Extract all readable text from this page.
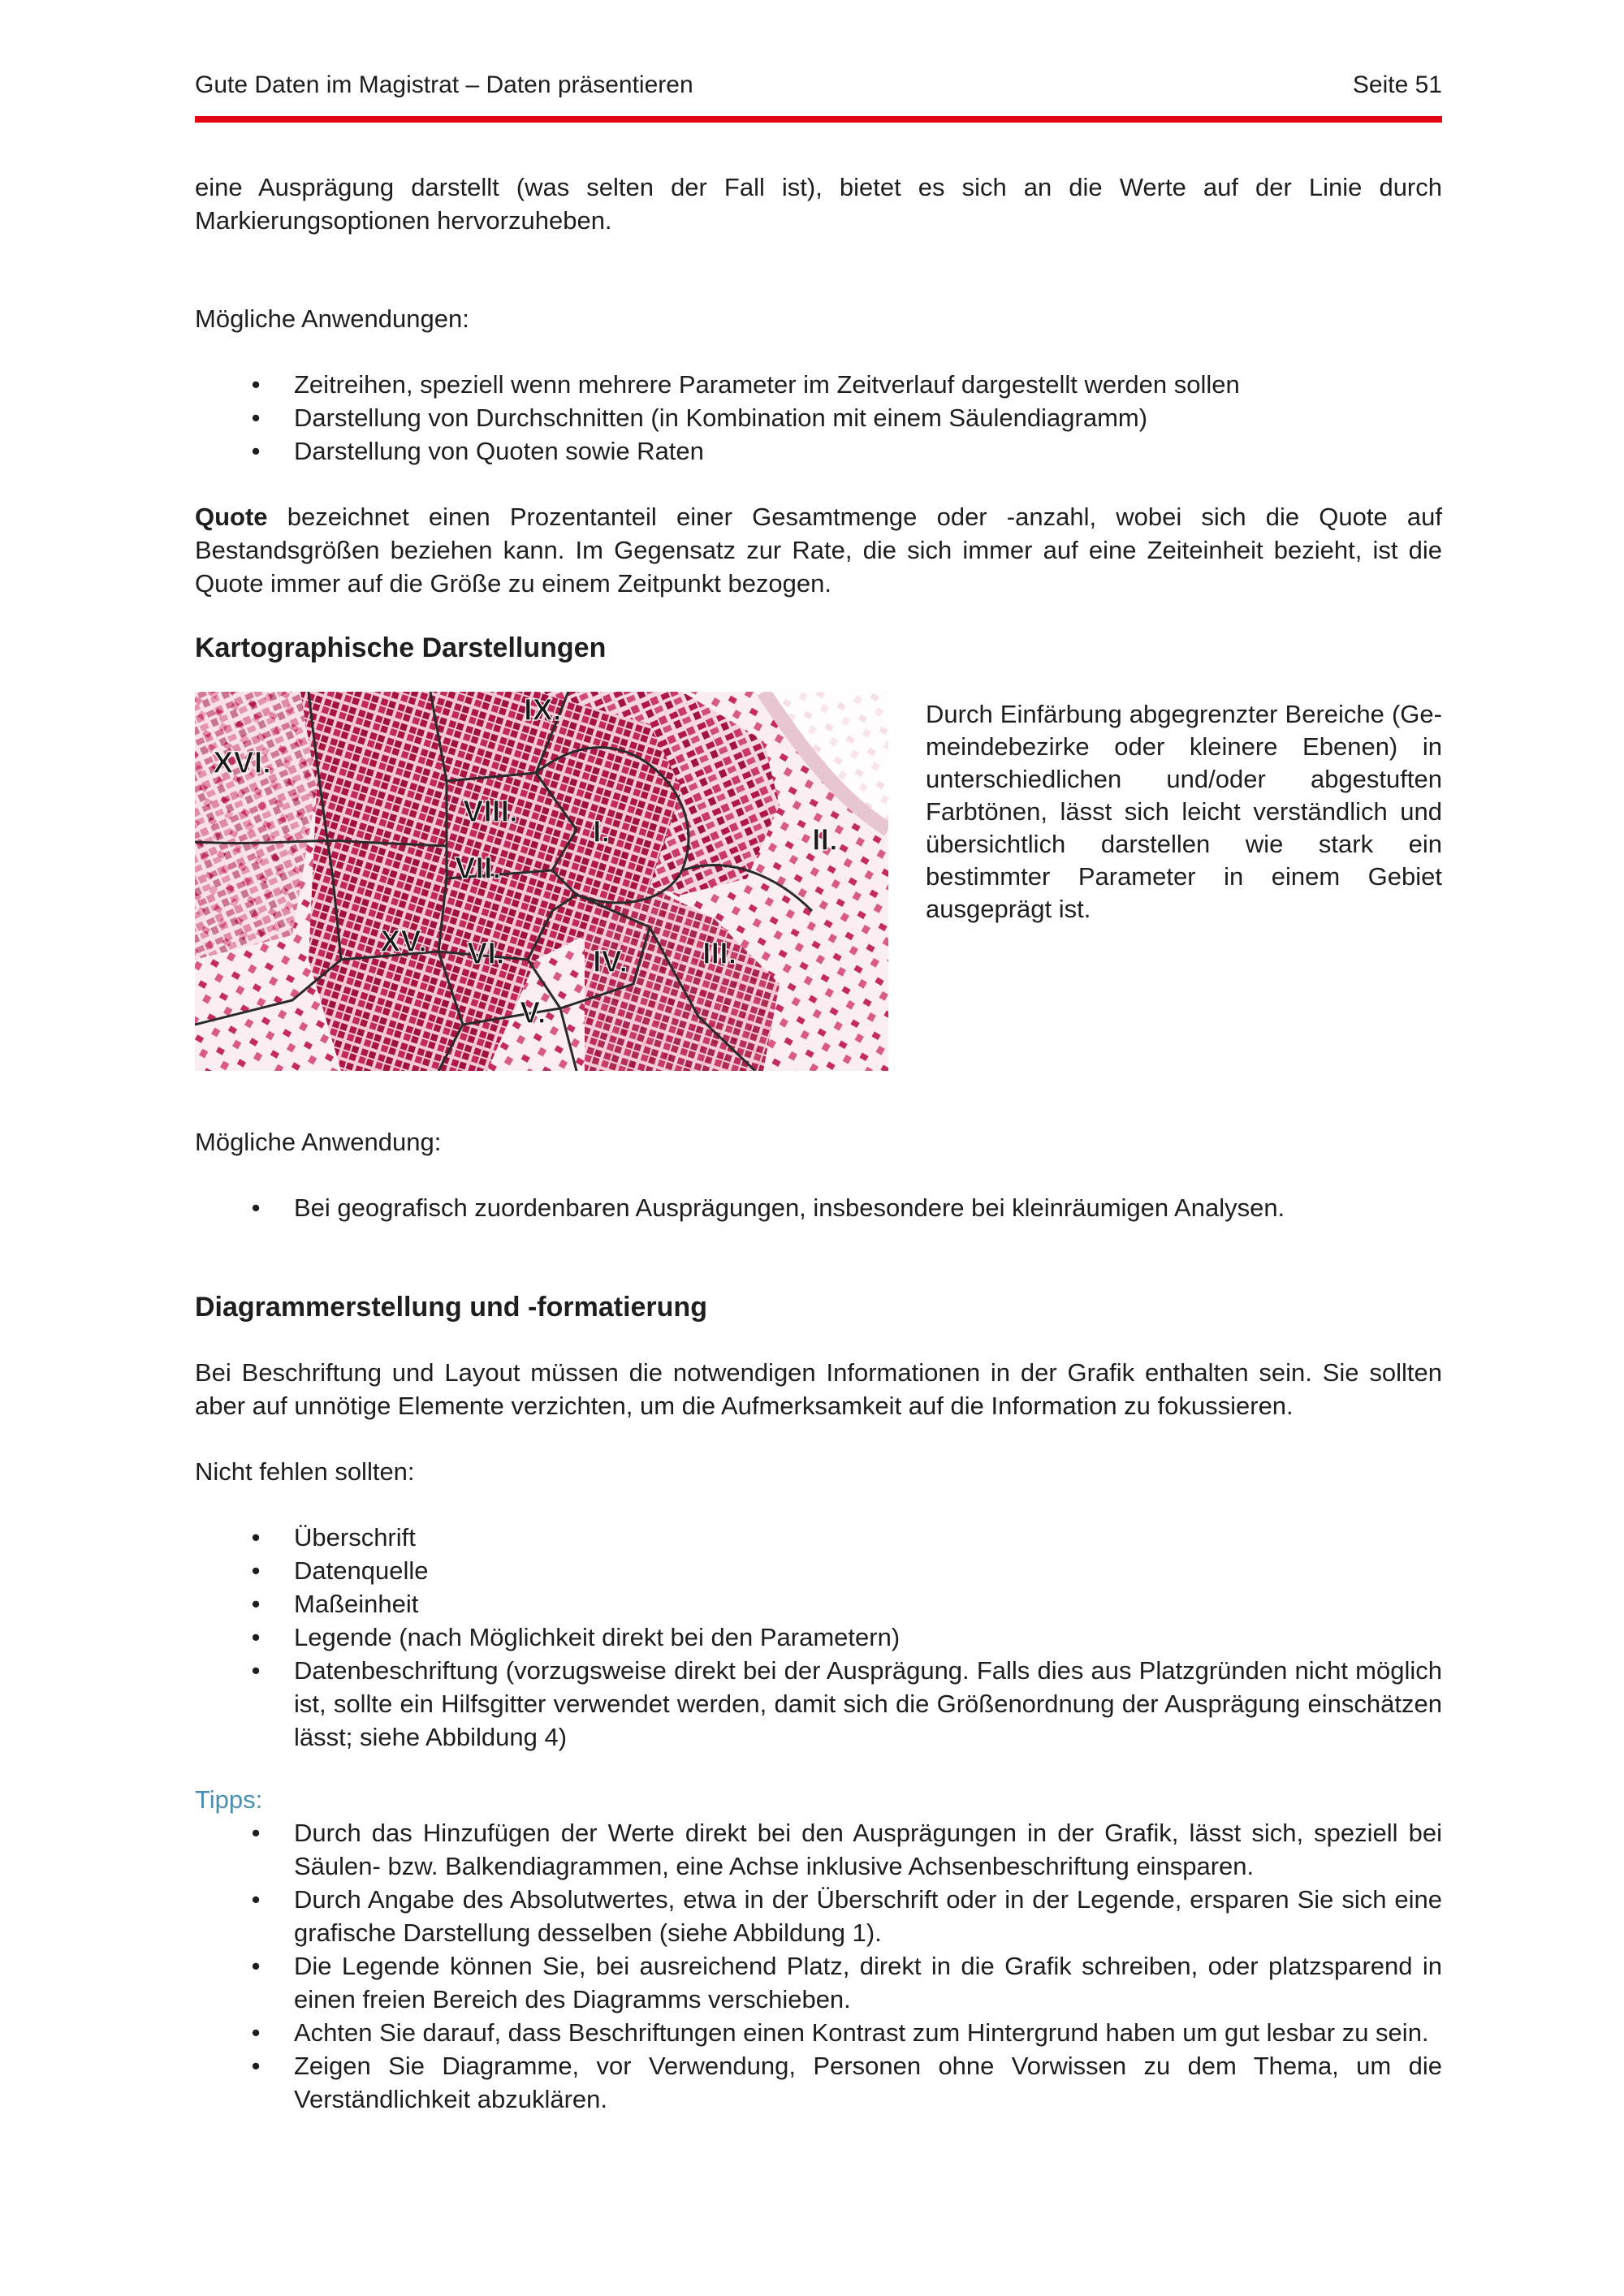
Gute Daten im Magistrat – Daten präsentieren	Seite 51

eine Ausprägung darstellt (was selten der Fall ist), bietet es sich an die Werte auf der Linie durch Markierungsoptionen hervorzuheben.

Mögliche Anwendungen:

•	Zeitreihen, speziell wenn mehrere Parameter im Zeitverlauf dargestellt werden sollen
•	Darstellung von Durchschnitten (in Kombination mit einem Säulendiagramm)
•	Darstellung von Quoten sowie Raten

Quote bezeichnet einen Prozentanteil einer Gesamtmenge oder -anzahl, wobei sich die Quote auf Bestandsgrößen beziehen kann. Im Gegensatz zur Rate, die sich immer auf eine Zeiteinheit bezieht, ist die Quote immer auf die Größe zu einem Zeitpunkt bezogen.

Kartographische Darstellungen

XVI.
IX.
VIII.
I.	II.
VII.
XV. VI.	IV. III.
V.
Durch Einfärbung abgegrenzter Bereiche (Gemeindebezirke oder kleinere Ebenen) in unterschiedlichen und/oder abgestuften Farbtönen, lässt sich leicht verständlich und übersichtlich darstellen wie stark ein bestimmter Parameter in einem Gebiet ausgeprägt ist.

Mögliche Anwendung:

•	Bei geografisch zuordenbaren Ausprägungen, insbesondere bei kleinräumigen Analysen.

Diagrammerstellung und -formatierung

Bei Beschriftung und Layout müssen die notwendigen Informationen in der Grafik enthalten sein. Sie sollten aber auf unnötige Elemente verzichten, um die Aufmerksamkeit auf die Information zu fokussieren.

Nicht fehlen sollten:

•	Überschrift
•	Datenquelle
•	Maßeinheit
•	Legende (nach Möglichkeit direkt bei den Parametern)
•	Datenbeschriftung (vorzugsweise direkt bei der Ausprägung. Falls dies aus Platzgründen nicht möglich ist, sollte ein Hilfsgitter verwendet werden, damit sich die Größenordnung der Ausprägung einschätzen lässt; siehe Abbildung 4)

Tipps:

•	Durch das Hinzufügen der Werte direkt bei den Ausprägungen in der Grafik, lässt sich, speziell bei Säulen- bzw. Balkendiagrammen, eine Achse inklusive Achsenbeschriftung einsparen.
•	Durch Angabe des Absolutwertes, etwa in der Überschrift oder in der Legende, ersparen Sie sich eine grafische Darstellung desselben (siehe Abbildung 1).
•	Die Legende können Sie, bei ausreichend Platz, direkt in die Grafik schreiben, oder platzsparend in einen freien Bereich des Diagramms verschieben.
•	Achten Sie darauf, dass Beschriftungen einen Kontrast zum Hintergrund haben um gut lesbar zu sein.
•	Zeigen Sie Diagramme, vor Verwendung, Personen ohne Vorwissen zu dem Thema, um die Verständlichkeit abzuklären.
